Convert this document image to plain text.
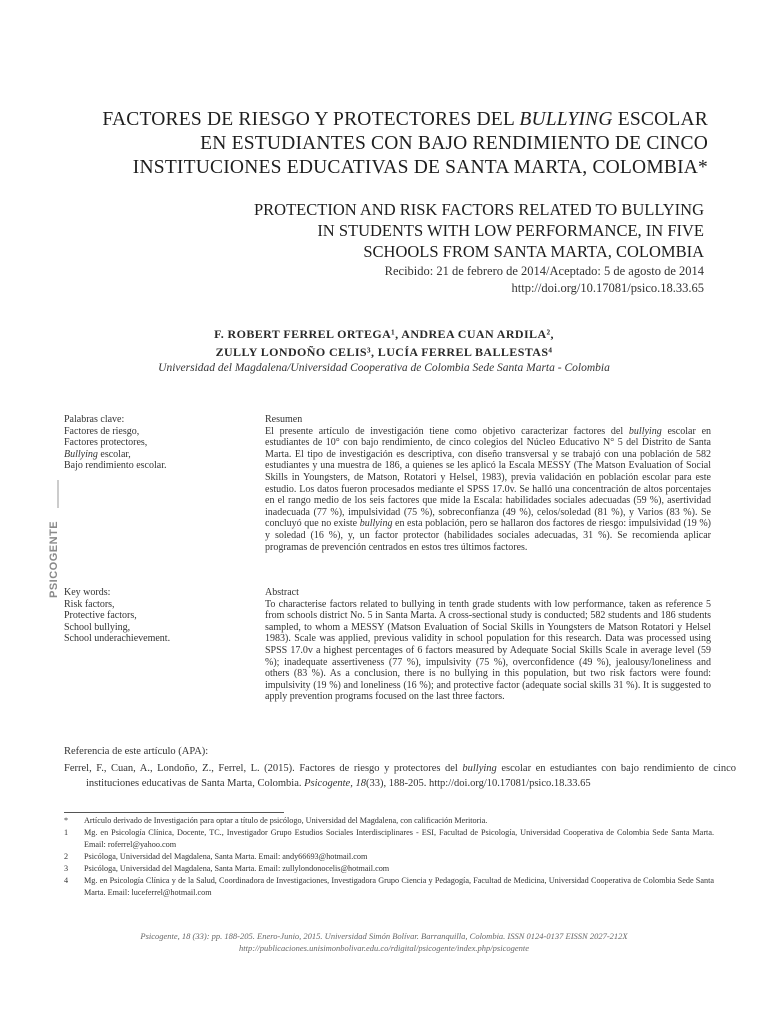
FACTORES DE RIESGO Y PROTECTORES DEL BULLYING ESCOLAR
EN ESTUDIANTES CON BAJO RENDIMIENTO DE CINCO
INSTITUCIONES EDUCATIVAS DE SANTA MARTA, COLOMBIA*
PROTECTION AND RISK FACTORS RELATED TO BULLYING
IN STUDENTS WITH LOW PERFORMANCE, IN FIVE
SCHOOLS FROM SANTA MARTA, COLOMBIA
Recibido: 21 de febrero de 2014/Aceptado: 5 de agosto de 2014
http://doi.org/10.17081/psico.18.33.65
F. ROBERT FERREL ORTEGA¹, ANDREA CUAN ARDILA²,
ZULLY LONDOÑO CELIS³, LUCÍA FERREL BALLESTAS⁴
Universidad del Magdalena/Universidad Cooperativa de Colombia Sede Santa Marta - Colombia
PSICOGENTE
Palabras clave:
Factores de riesgo,
Factores protectores,
Bullying escolar,
Bajo rendimiento escolar.
Resumen
El presente artículo de investigación tiene como objetivo caracterizar factores del bullying escolar en estudiantes de 10° con bajo rendimiento, de cinco colegios del Núcleo Educativo N° 5 del Distrito de Santa Marta. El tipo de investigación es descriptiva, con diseño transversal y se trabajó con una población de 582 estudiantes y una muestra de 186, a quienes se les aplicó la Escala MESSY (The Matson Evaluation of Social Skills in Youngsters, de Matson, Rotatori y Helsel, 1983), previa validación en población escolar para este estudio. Los datos fueron procesados mediante el SPSS 17.0v. Se halló una concentración de altos porcentajes en el rango medio de los seis factores que mide la Escala: habilidades sociales adecuadas (59 %), asertividad inadecuada (77 %), impulsividad (75 %), sobreconfianza (49 %), celos/soledad (81 %), y Varios (83 %). Se concluyó que no existe bullying en esta población, pero se hallaron dos factores de riesgo: impulsividad (19 %) y soledad (16 %), y, un factor protector (habilidades sociales adecuadas, 31 %). Se recomienda aplicar programas de prevención centrados en estos tres últimos factores.
Key words:
Risk factors,
Protective factors,
School bullying,
School underachievement.
Abstract
To characterise factors related to bullying in tenth grade students with low performance, taken as reference 5 from schools district No. 5 in Santa Marta. A cross-sectional study is conducted; 582 students and 186 students sampled, to whom a MESSY (Matson Evaluation of Social Skills in Youngsters de Matson Rotatori y Helsel 1983). Scale was applied, previous validity in school population for this research. Data was processed using SPSS 17.0v a highest percentages of 6 factors measured by Adequate Social Skills Scale in average level (59 %); inadequate assertiveness (77 %), impulsivity (75 %), overconfidence (49 %), jealousy/loneliness and others (83 %). As a conclusion, there is no bullying in this population, but two risk factors were found: impulsivity (19 %) and loneliness (16 %); and protective factor (adequate social skills 31 %). It is suggested to apply prevention programs focused on the last three factors.
Referencia de este artículo (APA):
Ferrel, F., Cuan, A., Londoño, Z., Ferrel, L. (2015). Factores de riesgo y protectores del bullying escolar en estudiantes con bajo rendimiento de cinco instituciones educativas de Santa Marta, Colombia. Psicogente, 18(33), 188-205. http://doi.org/10.17081/psico.18.33.65
*	Artículo derivado de Investigación para optar a título de psicólogo, Universidad del Magdalena, con calificación Meritoria.
1	Mg. en Psicología Clínica, Docente, TC., Investigador Grupo Estudios Sociales Interdisciplinares - ESI, Facultad de Psicología, Universidad Cooperativa de Colombia Sede Santa Marta. Email: roferrel@yahoo.com
2	Psicóloga, Universidad del Magdalena, Santa Marta. Email: andy66693@hotmail.com
3	Psicóloga, Universidad del Magdalena, Santa Marta. Email: zullylondonocelis@hotmail.com
4	Mg. en Psicología Clínica y de la Salud, Coordinadora de Investigaciones, Investigadora Grupo Ciencia y Pedagogía, Facultad de Medicina, Universidad Cooperativa de Colombia Sede Santa Marta. Email: luceferrel@hotmail.com
Psicogente, 18 (33): pp. 188-205. Enero-Junio, 2015. Universidad Simón Bolívar. Barranquilla, Colombia. ISSN 0124-0137 EISSN 2027-212X
http://publicaciones.unisimonbolivar.edu.co/rdigital/psicogente/index.php/psicogente
